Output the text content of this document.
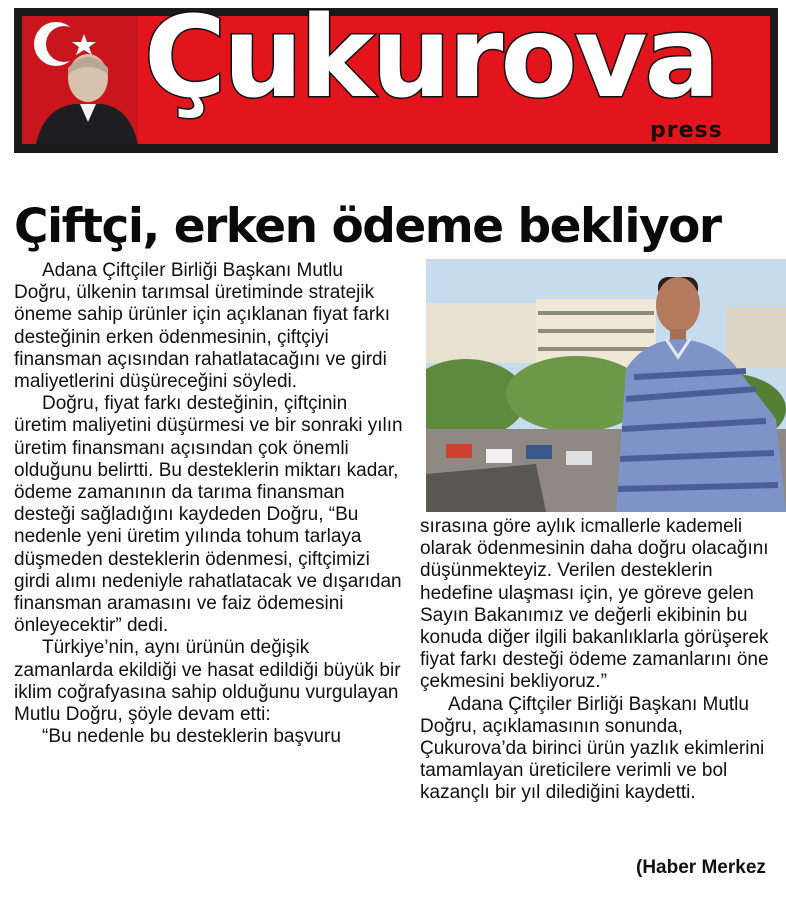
Çukurova
press
Çiftçi, erken ödeme bekliyor

Adana Çiftçiler Birliği Başkanı Mutlu Doğru, ülkenin tarımsal üretiminde stratejik öneme sahip ürünler için açıklanan fiyat farkı desteğinin erken ödenmesinin, çiftçiyi finansman açısından rahatlatacağını ve girdi maliyetlerini düşüreceğini söyledi.

Doğru, fiyat farkı desteğinin, çiftçinin üretim maliyetini düşürmesi ve bir sonraki yılın üretim finansmanı açısından çok önemli olduğunu belirtti. Bu desteklerin miktarı kadar, ödeme zamanının da tarıma finansman desteği sağladığını kaydeden Doğru, “Bu nedenle yeni üretim yılında tohum tarlaya düşmeden desteklerin ödenmesi, çiftçimizi girdi alımı nedeniyle rahatlatacak ve dışarıdan finansman aramasını ve faiz ödemesini önleyecektir” dedi.

Türkiye’nin, aynı ürünün değişik zamanlarda ekildiği ve hasat edildiği büyük bir iklim coğrafyasına sahip olduğunu vurgulayan Mutlu Doğru, şöyle devam etti:

“Bu nedenle bu desteklerin başvuru

sırasına göre aylık icmallerle kademeli olarak ödenmesinin daha doğru olacağını düşünmekteyiz. Verilen desteklerin hedefine ulaşması için, ye göreve gelen Sayın Bakanımız ve değerli ekibinin bu konuda diğer ilgili bakanlıklarla görüşerek fiyat farkı desteği ödeme zamanlarını öne çekmesini bekliyoruz.”

Adana Çiftçiler Birliği Başkanı Mutlu Doğru, açıklamasının sonunda, Çukurova’da birinci ürün yazlık ekimlerini tamamlayan üreticilere verimli ve bol kazançlı bir yıl dilediğini kaydetti.

(Haber Merkez
